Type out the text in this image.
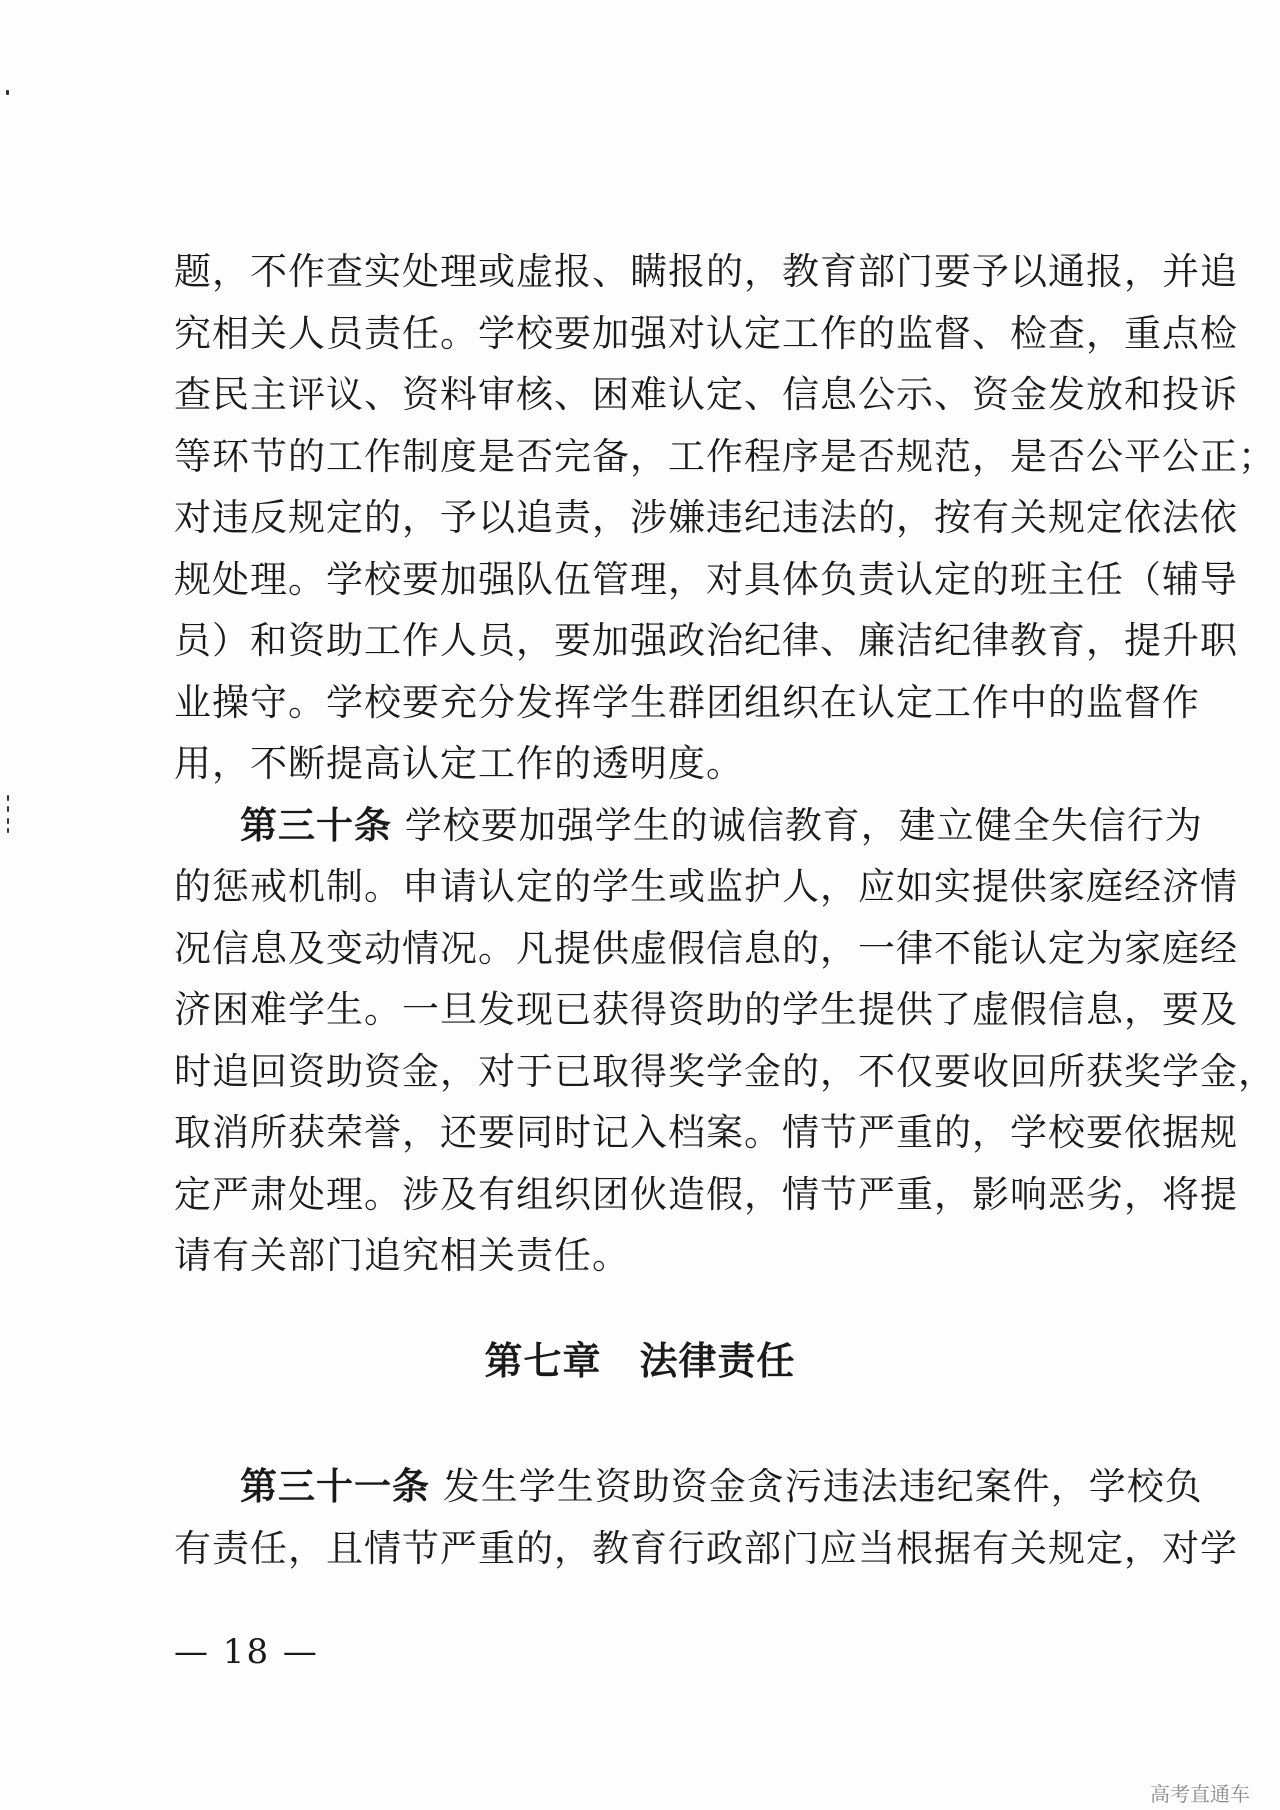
题，不作查实处理或虚报、瞒报的，教育部门要予以通报，并追
究相关人员责任。学校要加强对认定工作的监督、检查，重点检
查民主评议、资料审核、困难认定、信息公示、资金发放和投诉
等环节的工作制度是否完备，工作程序是否规范，是否公平公正；
对违反规定的，予以追责，涉嫌违纪违法的，按有关规定依法依
规处理。学校要加强队伍管理，对具体负责认定的班主任（辅导
员）和资助工作人员，要加强政治纪律、廉洁纪律教育，提升职
业操守。学校要充分发挥学生群团组织在认定工作中的监督作
用，不断提高认定工作的透明度。
第三十条 学校要加强学生的诚信教育，建立健全失信行为
的惩戒机制。申请认定的学生或监护人，应如实提供家庭经济情
况信息及变动情况。凡提供虚假信息的，一律不能认定为家庭经
济困难学生。一旦发现已获得资助的学生提供了虚假信息，要及
时追回资助资金，对于已取得奖学金的，不仅要收回所获奖学金，
取消所获荣誉，还要同时记入档案。情节严重的，学校要依据规
定严肃处理。涉及有组织团伙造假，情节严重，影响恶劣，将提
请有关部门追究相关责任。
第七章 法律责任
第三十一条 发生学生资助资金贪污违法违纪案件，学校负
有责任，且情节严重的，教育行政部门应当根据有关规定，对学
— 18 —
高考直通车
